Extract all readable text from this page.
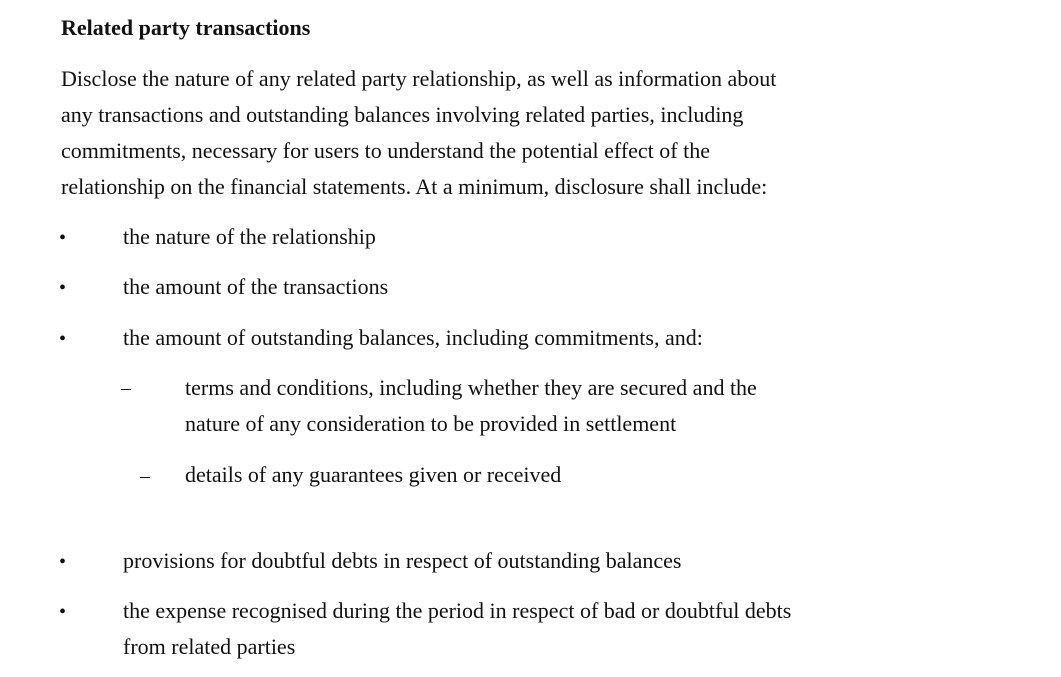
Related party transactions

Disclose the nature of any related party relationship, as well as information about
any transactions and outstanding balances involving related parties, including
commitments, necessary for users to understand the potential effect of the
relationship on the financial statements. At a minimum, disclosure shall include:

•	the nature of the relationship
•	the amount of the transactions
•	the amount of outstanding balances, including commitments, and:
– terms and conditions, including whether they are secured and the
nature of any consideration to be provided in settlement
– details of any guarantees given or received
•	provisions for doubtful debts in respect of outstanding balances
•	the expense recognised during the period in respect of bad or doubtful debts
from related parties
